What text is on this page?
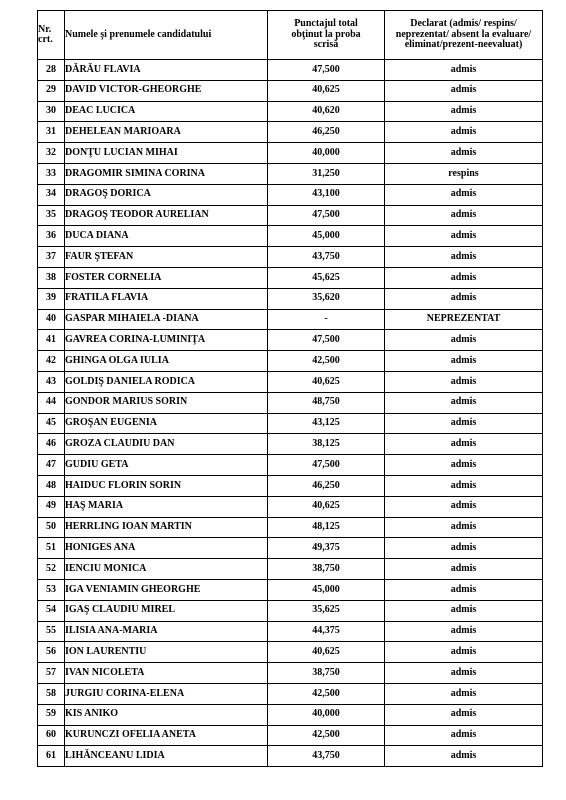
Nr.
crt.	Numele şi prenumele candidatului	Punctajul total
obţinut la proba
scrisă	Declarat (admis/ respins/
neprezentat/ absent la evaluare/
eliminat/prezent-neevaluat)

28	DĂRĂU FLAVIA	47,500	admis
29	DAVID VICTOR-GHEORGHE	40,625	admis
30	DEAC LUCICA	40,620	admis
31	DEHELEAN MARIOARA	46,250	admis
32	DONŢU LUCIAN MIHAI	40,000	admis
33	DRAGOMIR SIMINA CORINA	31,250	respins
34	DRAGOŞ DORICA	43,100	admis
35	DRAGOŞ TEODOR AURELIAN	47,500	admis
36	DUCA DIANA	45,000	admis
37	FAUR ŞTEFAN	43,750	admis
38	FOSTER CORNELIA	45,625	admis
39	FRATILA FLAVIA	35,620	admis
40	GASPAR MIHAIELA -DIANA	-	NEPREZENTAT
41	GAVREA CORINA-LUMINIŢA	47,500	admis
42	GHINGA OLGA IULIA	42,500	admis
43	GOLDIŞ DANIELA RODICA	40,625	admis
44	GONDOR MARIUS SORIN	48,750	admis
45	GROŞAN EUGENIA	43,125	admis
46	GROZA CLAUDIU DAN	38,125	admis
47	GUDIU GETA	47,500	admis
48	HAIDUC FLORIN SORIN	46,250	admis
49	HAŞ MARIA	40,625	admis
50	HERRLING IOAN MARTIN	48,125	admis
51	HONIGES ANA	49,375	admis
52	IENCIU MONICA	38,750	admis
53	IGA VENIAMIN GHEORGHE	45,000	admis
54	IGAŞ CLAUDIU MIREL	35,625	admis
55	ILISIA ANA-MARIA	44,375	admis
56	ION LAURENTIU	40,625	admis
57	IVAN NICOLETA	38,750	admis
58	JURGIU CORINA-ELENA	42,500	admis
59	KIS ANIKO	40,000	admis
60	KURUNCZI OFELIA ANETA	42,500	admis
61	LIHĂNCEANU LIDIA	43,750	admis
